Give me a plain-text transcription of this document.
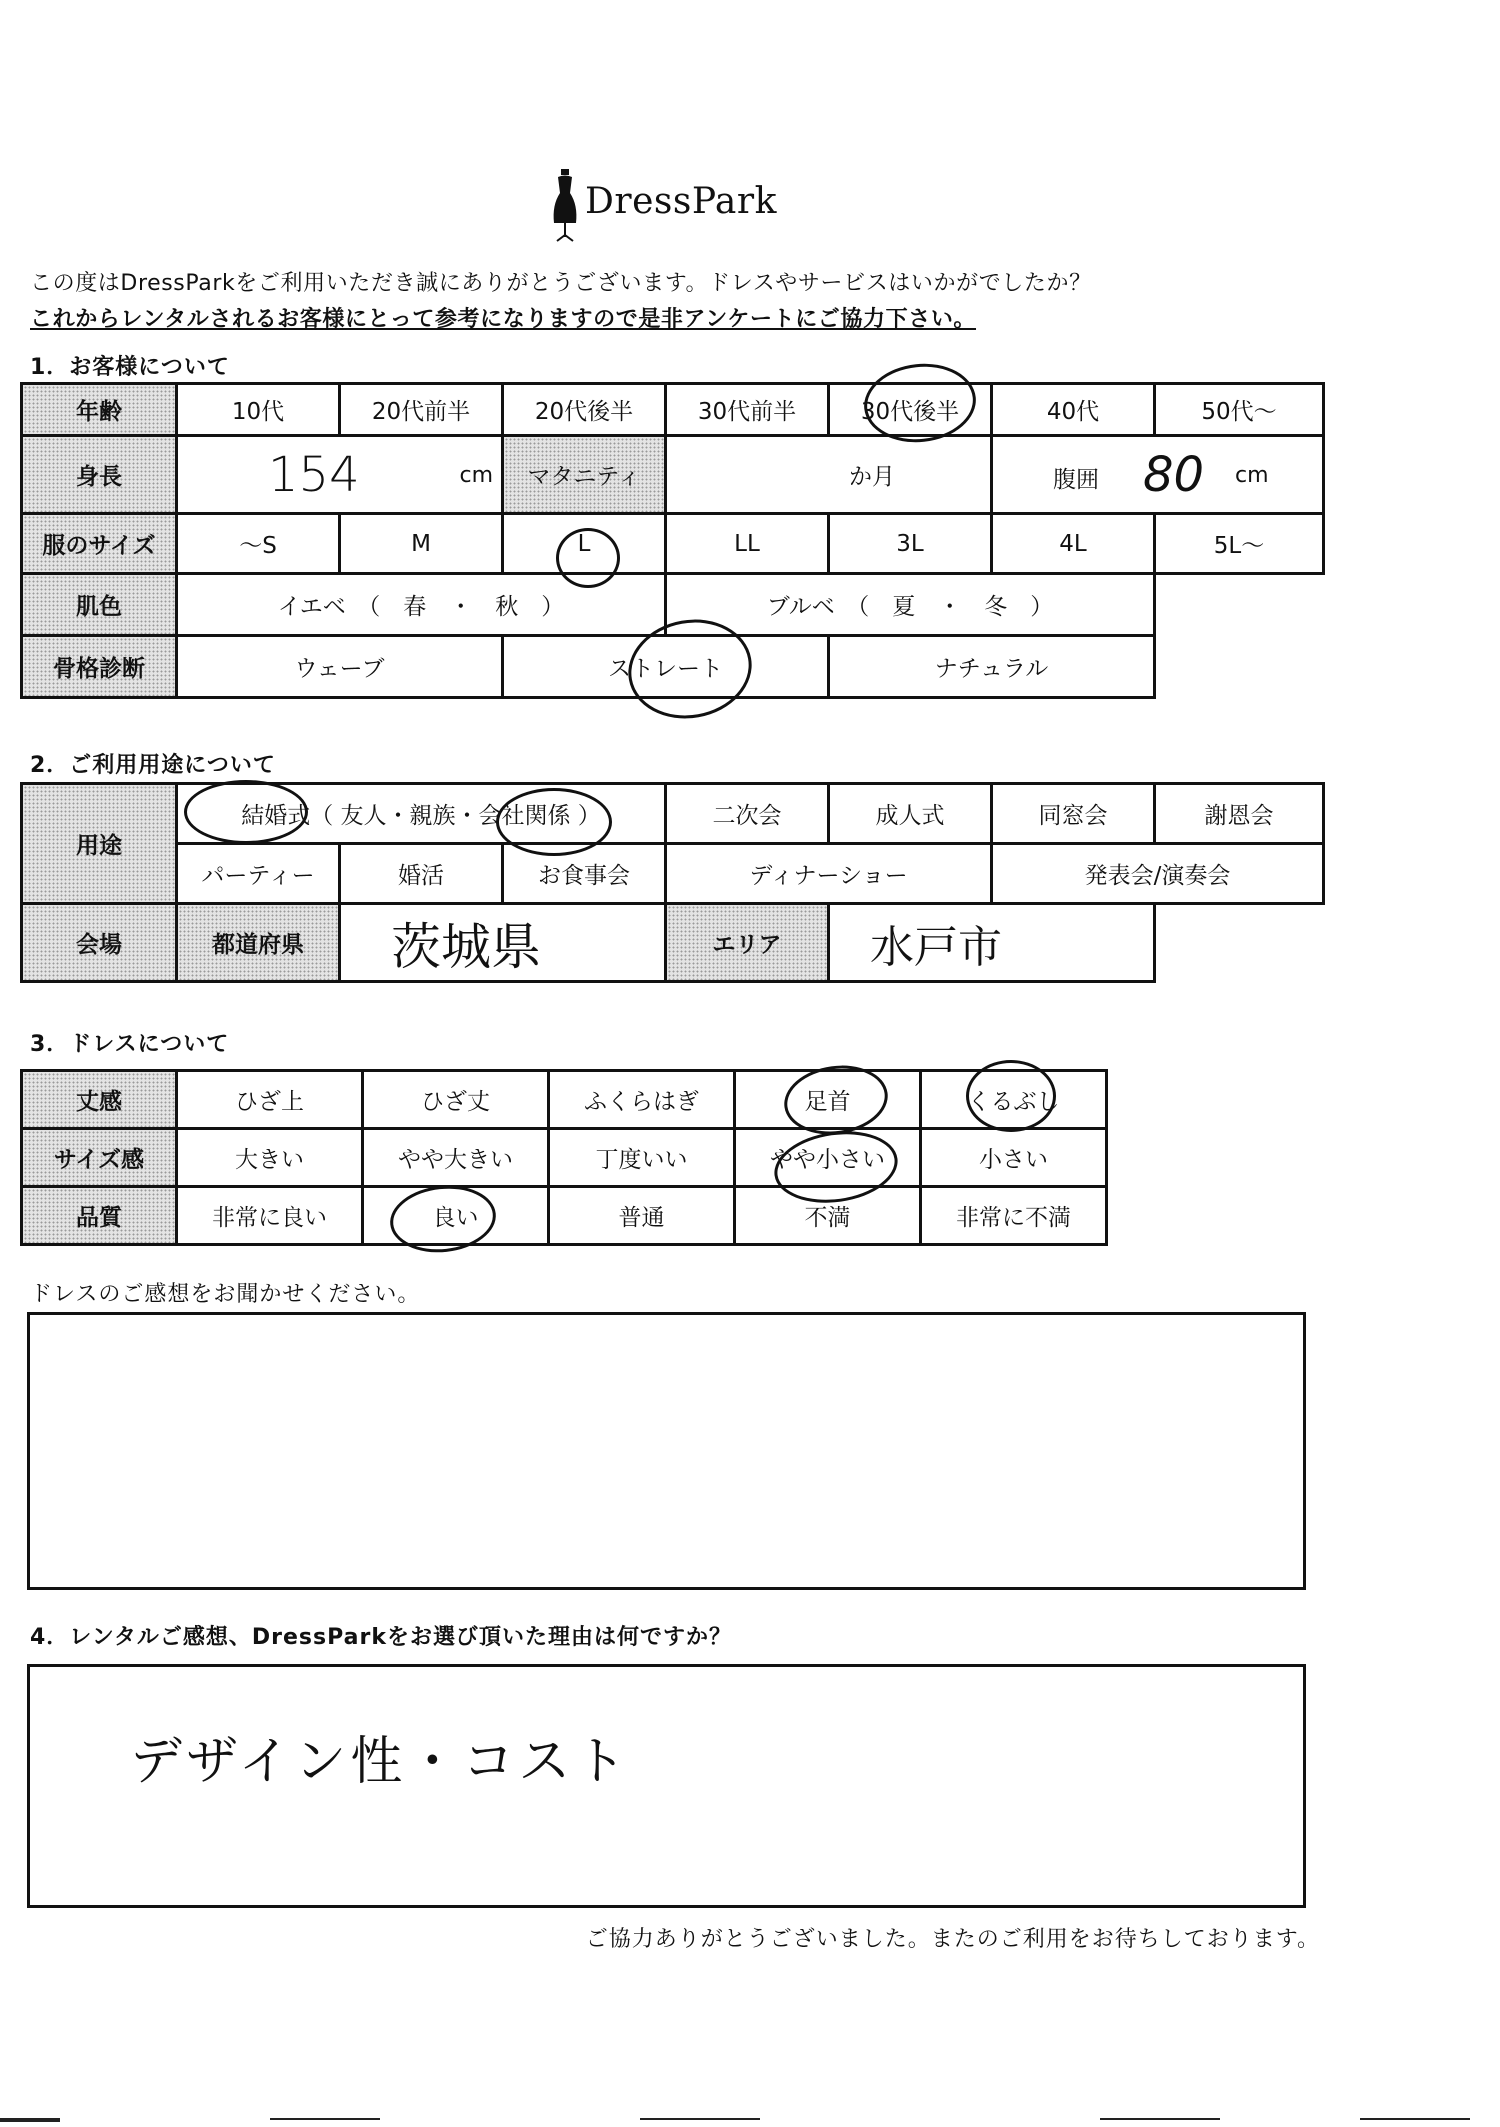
DressPark
この度はDressParkをご利用いただき誠にありがとうございます。ドレスやサービスはいかがでしたか？
これからレンタルされるお客様にとって参考になりますので是非アンケートにご協力下さい。
1．お客様について
年齢	10代	20代前半	20代後半	30代前半	30代後半	40代	50代～
身長	154 cm		マタニティ	か月		腹囲 80 cm	

服のサイズ	～S	M	L	LL	3L	4L	5L～
肌色	イエベ　（　春　・　秋　）			ブルベ　（　夏　・　冬　）			
骨格診断	ウェーブ		ストレート		ナチュラル		
2．ご利用用途について
用途	結婚式（ 友人・親族・会社関係 ）			二次会	成人式	同窓会	謝恩会
	パーティー	婚活	お食事会	ディナーショー		発表会/演奏会	
会場	都道府県	茨城県		エリア	水戸市		
3．ドレスについて
丈感	ひざ上	ひざ丈	ふくらはぎ	足首	くるぶし
サイズ感	大きい	やや大きい	丁度いい	やや小さい	小さい
品質	非常に良い	良い	普通	不満	非常に不満
ドレスのご感想をお聞かせください。
4．レンタルご感想、DressParkをお選び頂いた理由は何ですか？
デザイン性・コスト
ご協力ありがとうございました。またのご利用をお待ちしております。
